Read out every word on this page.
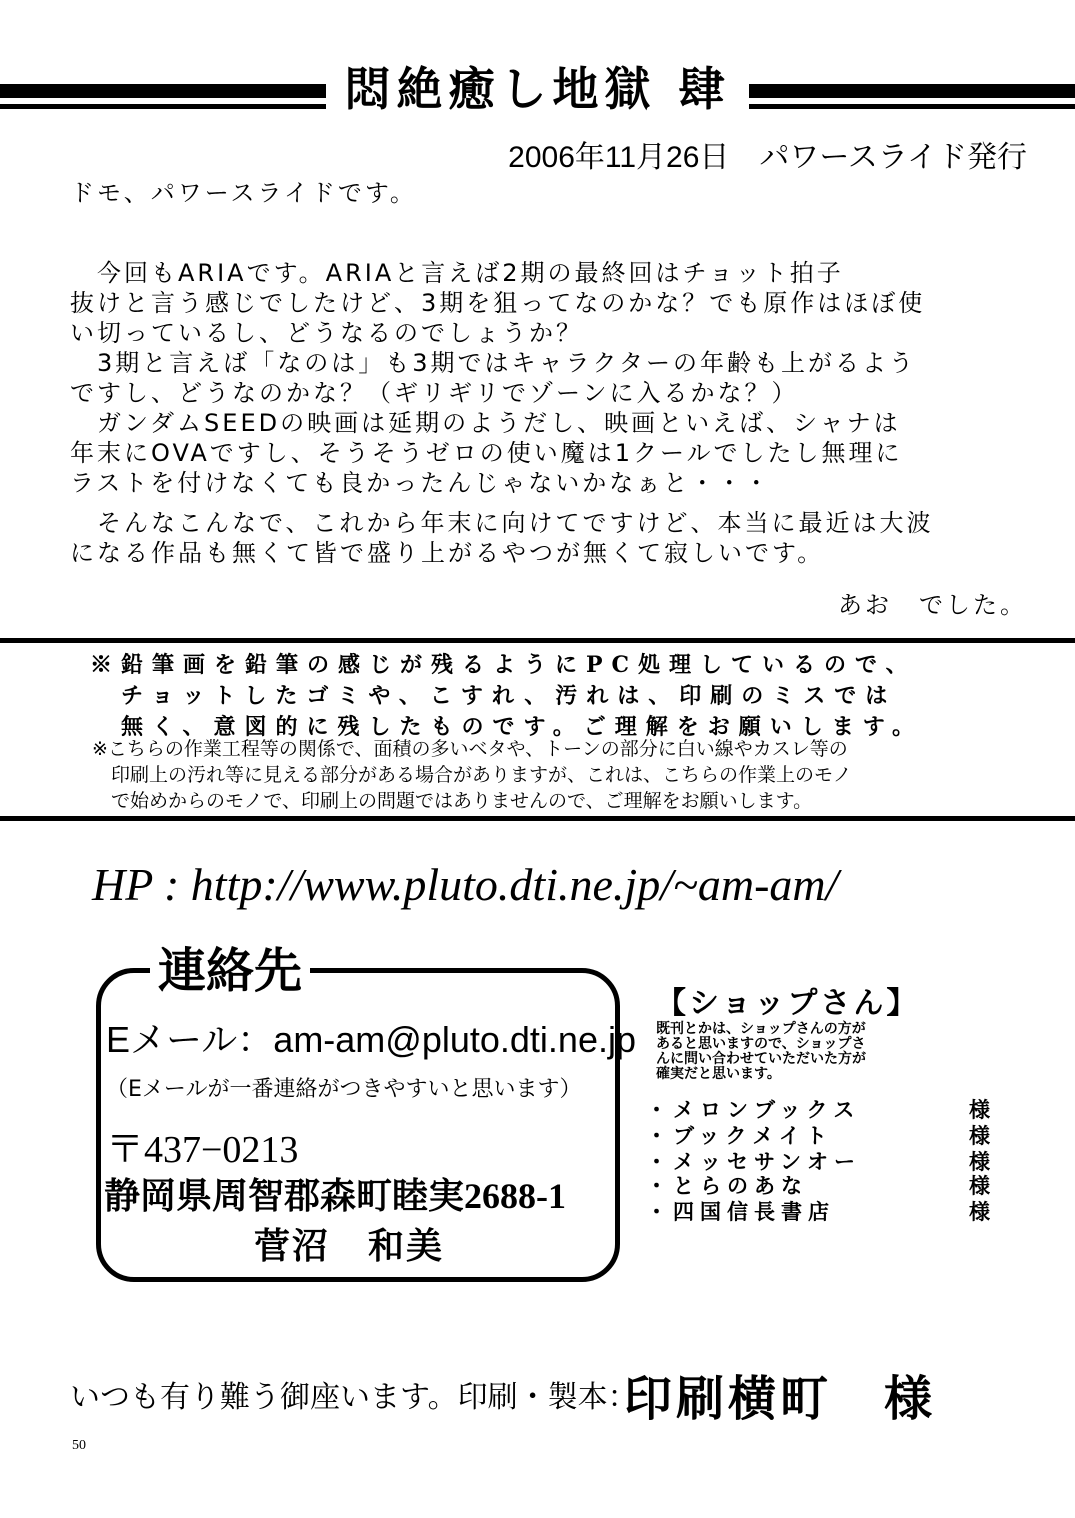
悶絶癒し地獄 肆
2006年11月26日　パワースライド発行
ドモ、パワースライドです。
　今回もARIAです。ARIAと言えば2期の最終回はチョット拍子
抜けと言う感じでしたけど、3期を狙ってなのかな？でも原作はほぼ使
い切っているし、どうなるのでしょうか？
　3期と言えば「なのは」も3期ではキャラクターの年齢も上がるよう
ですし、どうなのかな？（ギリギリでゾーンに入るかな？）
　ガンダムSEEDの映画は延期のようだし、映画といえば、シャナは
年末にOVAですし、そうそうゼロの使い魔は1クールでしたし無理に
ラストを付けなくても良かったんじゃないかなぁと・・・
　そんなこんなで、これから年末に向けてですけど、本当に最近は大波
になる作品も無くて皆で盛り上がるやつが無くて寂しいです。
あお　でした。
※鉛筆画を鉛筆の感じが残るようにPC処理しているので、
　チョットしたゴミや、こすれ、汚れは、印刷のミスでは
　無く、意図的に残したものです。ご理解をお願いします。
※こちらの作業工程等の関係で、面積の多いベタや、トーンの部分に白い線やカスレ等の
　印刷上の汚れ等に見える部分がある場合がありますが、これは、こちらの作業上のモノ
　で始めからのモノで、印刷上の問題ではありませんので、ご理解をお願いします。
HP : http://www.pluto.dti.ne.jp/~am-am/
連絡先
Eメール：am-am@pluto.dti.ne.jp
（Eメールが一番連絡がつきやすいと思います）
〒437−0213
静岡県周智郡森町睦実2688-1
菅沼　和美
【ショップさん】
既刊とかは、ショップさんの方が
あると思いますので、ショップさ
んに問い合わせていただいた方が
確実だと思います。
・メロンブックス	様
・ブックメイト	様
・メッセサンオー	様
・とらのあな	様
・四国信長書店	様
いつも有り難う御座います。印刷・製本：
印刷横町　様
50
